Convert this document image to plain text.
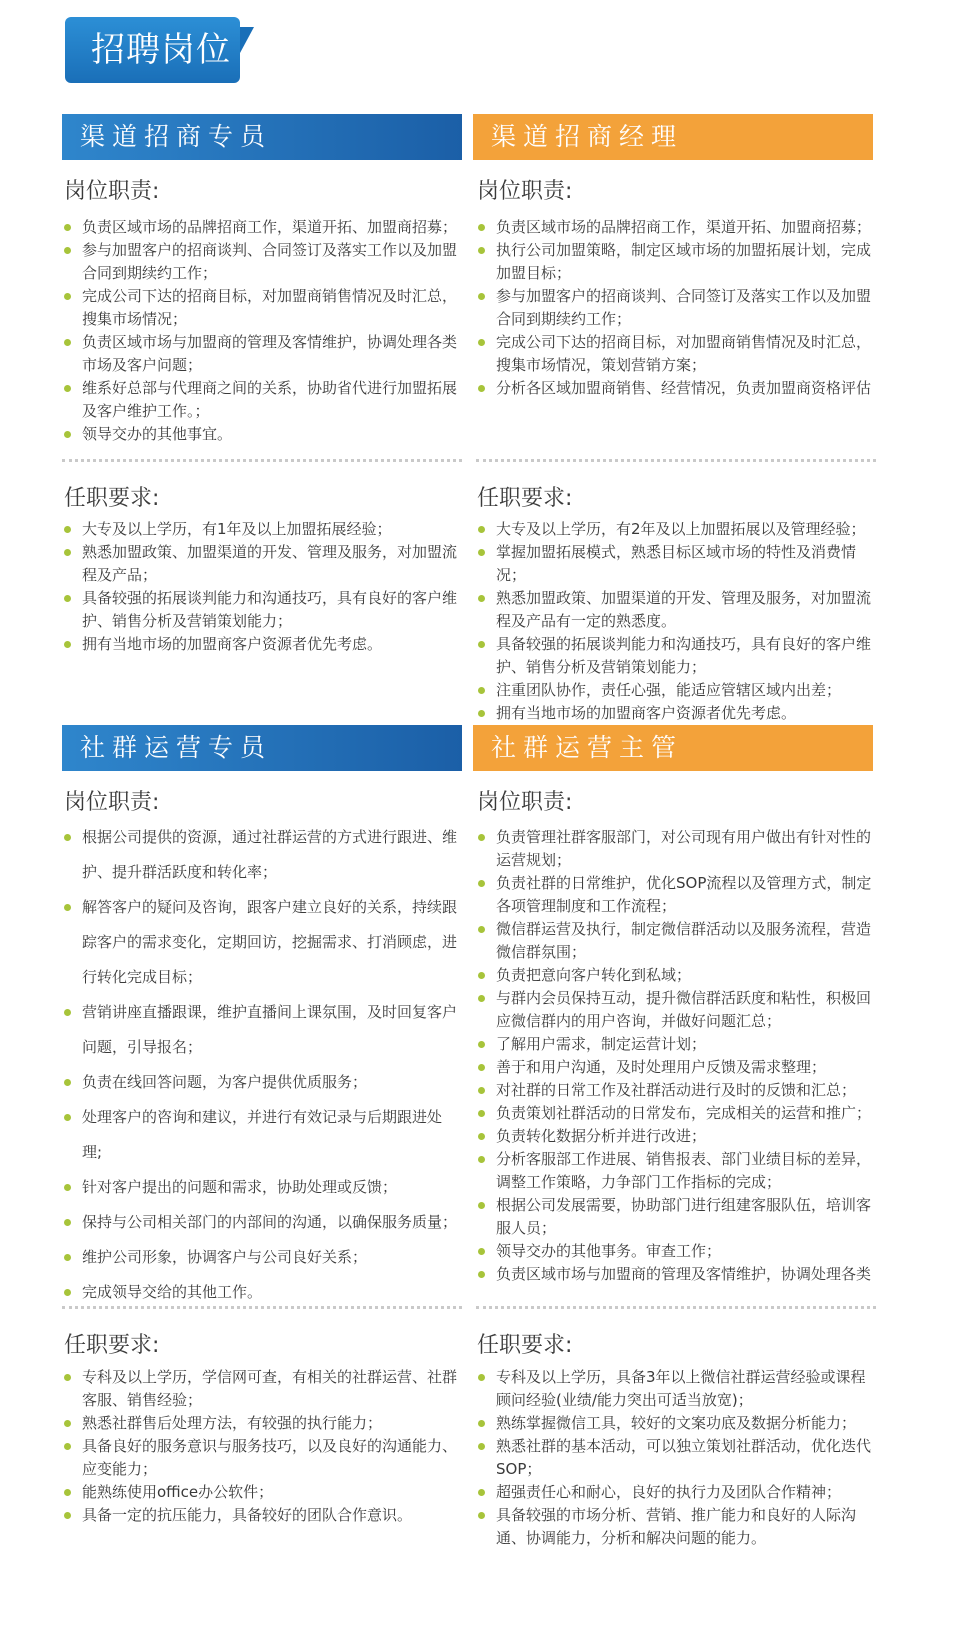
招聘岗位
渠道招商专员
岗位职责:
负责区域市场的品牌招商工作，渠道开拓、加盟商招募；
参与加盟客户的招商谈判、合同签订及落实工作以及加盟合同到期续约工作；
完成公司下达的招商目标，对加盟商销售情况及时汇总，搜集市场情况；
负责区域市场与加盟商的管理及客情维护，协调处理各类市场及客户问题；
维系好总部与代理商之间的关系，协助省代进行加盟拓展及客户维护工作。；
领导交办的其他事宜。
任职要求:
大专及以上学历，有1年及以上加盟拓展经验；
熟悉加盟政策、加盟渠道的开发、管理及服务，对加盟流程及产品；
具备较强的拓展谈判能力和沟通技巧，具有良好的客户维护、销售分析及营销策划能力；
拥有当地市场的加盟商客户资源者优先考虑。
渠道招商经理
岗位职责:
负责区域市场的品牌招商工作，渠道开拓、加盟商招募；
执行公司加盟策略，制定区域市场的加盟拓展计划，完成加盟目标；
参与加盟客户的招商谈判、合同签订及落实工作以及加盟合同到期续约工作；
完成公司下达的招商目标，对加盟商销售情况及时汇总，搜集市场情况，策划营销方案；
分析各区域加盟商销售、经营情况，负责加盟商资格评估
任职要求:
大专及以上学历，有2年及以上加盟拓展以及管理经验；
掌握加盟拓展模式，熟悉目标区域市场的特性及消费情况；
熟悉加盟政策、加盟渠道的开发、管理及服务，对加盟流程及产品有一定的熟悉度。
具备较强的拓展谈判能力和沟通技巧，具有良好的客户维护、销售分析及营销策划能力；
注重团队协作，责任心强，能适应管辖区域内出差；
拥有当地市场的加盟商客户资源者优先考虑。
社群运营专员
岗位职责:
根据公司提供的资源，通过社群运营的方式进行跟进、维护、提升群活跃度和转化率；
解答客户的疑问及咨询，跟客户建立良好的关系，持续跟踪客户的需求变化，定期回访，挖掘需求、打消顾虑，进行转化完成目标；
营销讲座直播跟课，维护直播间上课氛围，及时回复客户问题，引导报名；
负责在线回答问题，为客户提供优质服务；
处理客户的咨询和建议，并进行有效记录与后期跟进处理;
针对客户提出的问题和需求，协助处理或反馈；
保持与公司相关部门的内部间的沟通，以确保服务质量；
维护公司形象，协调客户与公司良好关系；
完成领导交给的其他工作。
任职要求:
专科及以上学历，学信网可查，有相关的社群运营、社群客服、销售经验；
熟悉社群售后处理方法，有较强的执行能力；
具备良好的服务意识与服务技巧，以及良好的沟通能力、应变能力；
能熟练使用office办公软件；
具备一定的抗压能力，具备较好的团队合作意识。
社群运营主管
岗位职责:
负责管理社群客服部门，对公司现有用户做出有针对性的运营规划；
负责社群的日常维护，优化SOP流程以及管理方式，制定各项管理制度和工作流程；
微信群运营及执行，制定微信群活动以及服务流程，营造微信群氛围；
负责把意向客户转化到私域；
与群内会员保持互动，提升微信群活跃度和粘性，积极回应微信群内的用户咨询，并做好问题汇总；
了解用户需求，制定运营计划；
善于和用户沟通，及时处理用户反馈及需求整理；
对社群的日常工作及社群活动进行及时的反馈和汇总；
负责策划社群活动的日常发布，完成相关的运营和推广；
负责转化数据分析并进行改进；
分析客服部工作进展、销售报表、部门业绩目标的差异，调整工作策略，力争部门工作指标的完成；
根据公司发展需要，协助部门进行组建客服队伍，培训客服人员；
领导交办的其他事务。审查工作；
负责区域市场与加盟商的管理及客情维护，协调处理各类
任职要求:
专科及以上学历，具备3年以上微信社群运营经验或课程顾问经验(业绩/能力突出可适当放宽)；
熟练掌握微信工具，较好的文案功底及数据分析能力；
熟悉社群的基本活动，可以独立策划社群活动，优化迭代SOP；
超强责任心和耐心，良好的执行力及团队合作精神；
具备较强的市场分析、营销、推广能力和良好的人际沟通、协调能力，分析和解决问题的能力。
